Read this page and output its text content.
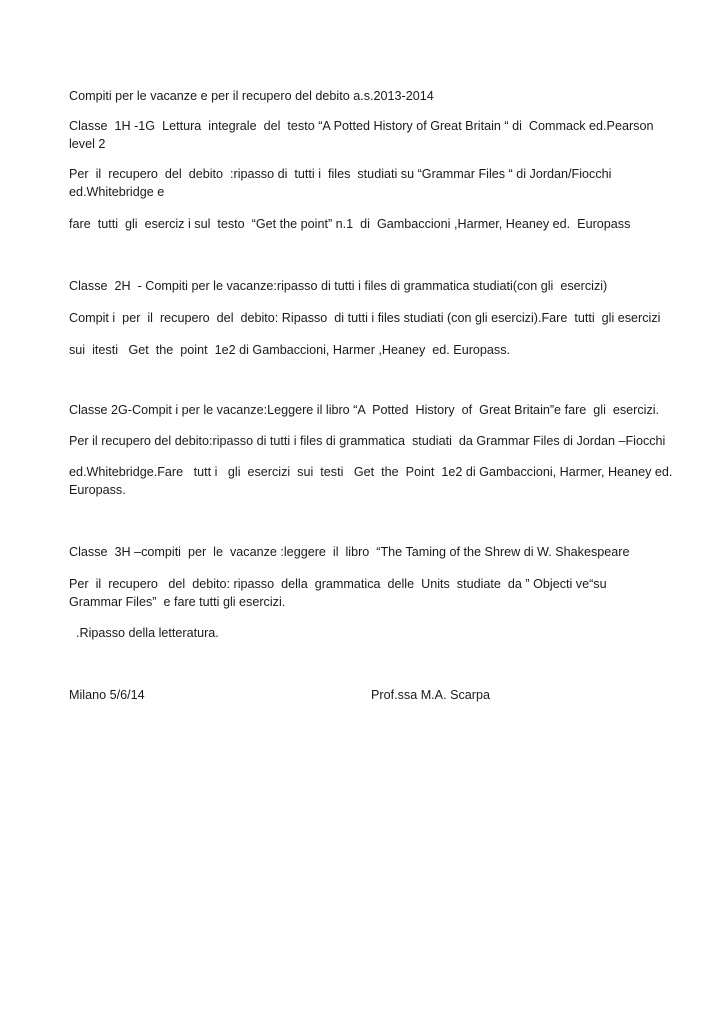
Compiti per le vacanze e per il recupero del debito a.s.2013-2014
Classe  1H -1G  Lettura  integrale  del  testo “A Potted History of Great Britain “ di  Commack ed.Pearson
level 2
Per  il  recupero  del  debito  :ripasso di  tutti i  files  studiati su “Grammar Files “ di Jordan/Fiocchi
ed.Whitebridge e
fare  tutti  gli  eserciz i sul  testo  “Get the point” n.1  di  Gambaccioni ,Harmer, Heaney ed.  Europass
Classe  2H  - Compiti per le vacanze:ripasso di tutti i files di grammatica studiati(con gli  esercizi)
Compit i  per  il  recupero  del  debito: Ripasso  di tutti i files studiati (con gli esercizi).Fare  tutti  gli esercizi
sui  itesti   Get  the  point  1e2 di Gambaccioni, Harmer ,Heaney  ed. Europass.
Classe 2G-Compit i per le vacanze:Leggere il libro “A  Potted  History  of  Great Britain”e fare  gli  esercizi.
Per il recupero del debito:ripasso di tutti i files di grammatica  studiati  da Grammar Files di Jordan –Fiocchi
ed.Whitebridge.Fare   tutt i   gli  esercizi  sui  testi   Get  the  Point  1e2 di Gambaccioni, Harmer, Heaney ed.
Europass.
Classe  3H –compiti  per  le  vacanze :leggere  il  libro  “The Taming of the Shrew di W. Shakespeare
Per  il  recupero   del  debito: ripasso  della  grammatica  delle  Units  studiate  da ” Objecti ve“su
Grammar Files”  e fare tutti gli esercizi.
.Ripasso della letteratura.
Milano 5/6/14	Prof.ssa M.A. Scarpa
